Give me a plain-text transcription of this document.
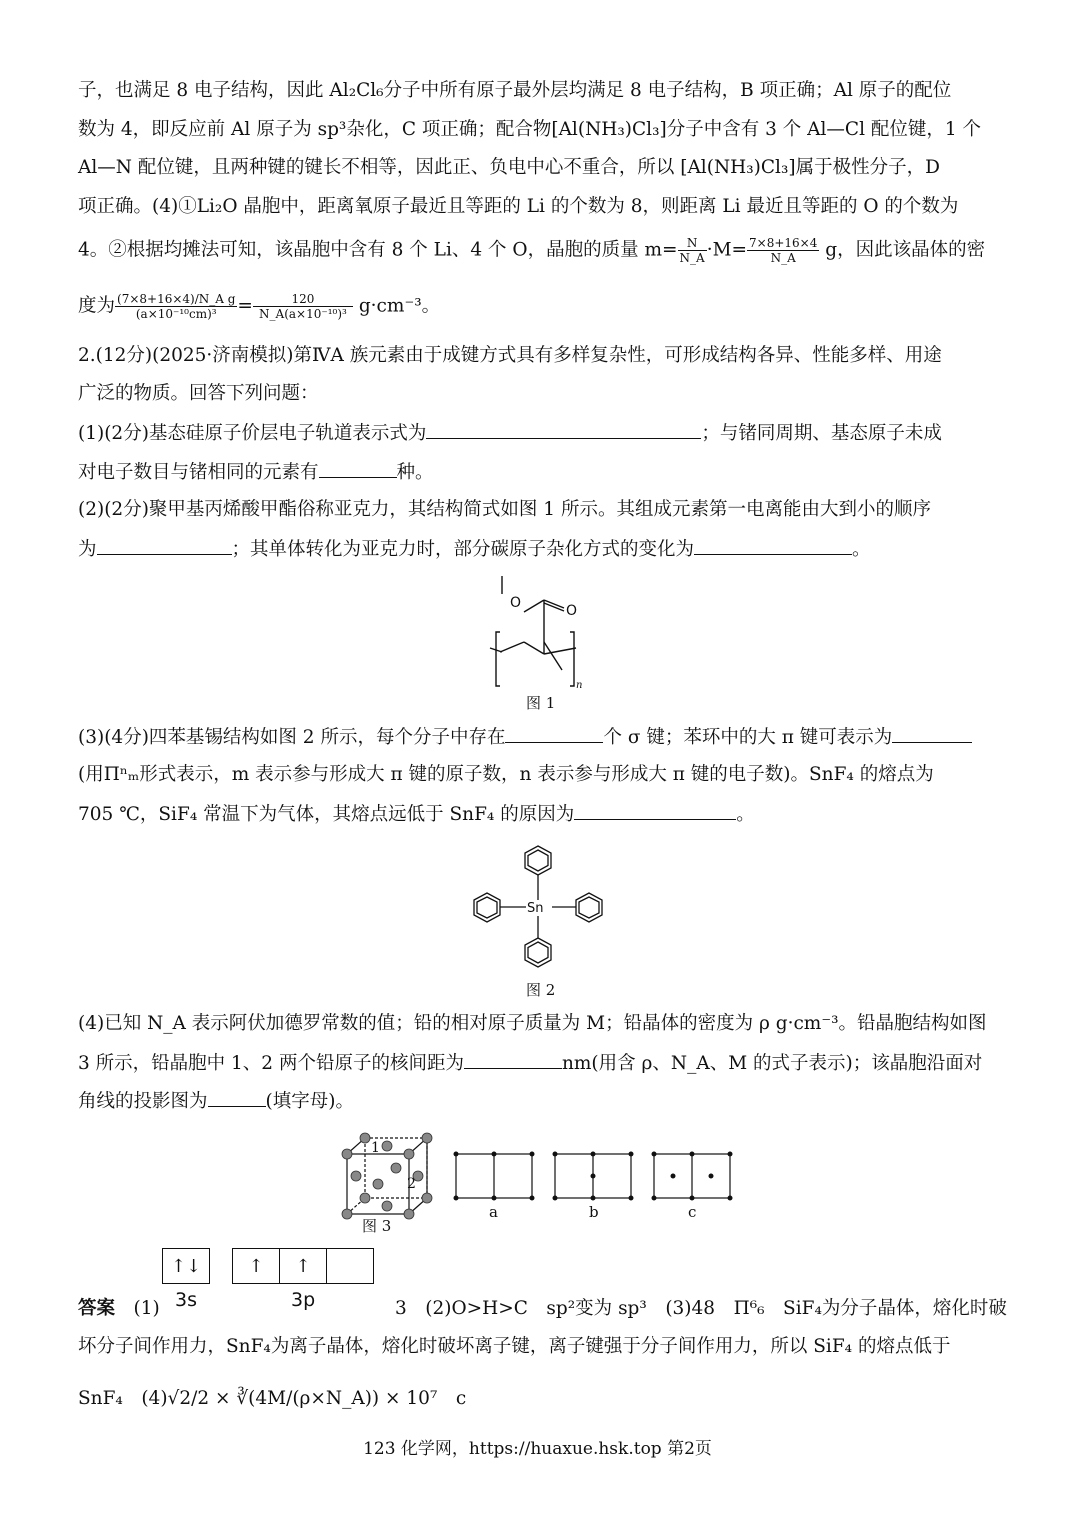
子，也满足 8 电子结构，因此 Al₂Cl₆分子中所有原子最外层均满足 8 电子结构，B 项正确；Al 原子的配位
数为 4，即反应前 Al 原子为 sp³杂化，C 项正确；配合物[Al(NH₃)Cl₃]分子中含有 3 个 Al—Cl 配位键，1 个
Al—N 配位键，且两种键的键长不相等，因此正、负电中心不重合，所以 [Al(NH₃)Cl₃]属于极性分子，D
项正确。(4)①Li₂O 晶胞中，距离氧原子最近且等距的 Li 的个数为 8，则距离 Li 最近且等距的 O 的个数为
4。②根据均摊法可知，该晶胞中含有 8 个 Li、4 个 O，晶胞的质量 $m= \frac{N}{N\_A} \cdot M= \frac{7\times 8+16\times 4}{N\_A}$ g，因此该晶体的密
度为 $\frac{\text{(7×8+16×4)/N\_A g}}{\text{(a×10⁻¹⁰cm)³}} = \frac{120}{\text{N\_A(a×10⁻¹⁰)³}} g\cdot cm^{-3}$。
2.(12分)(2025·济南模拟)第ⅣA 族元素由于成键方式具有多样复杂性，可形成结构各异、性能多样、用途
广泛的物质。回答下列问题：
(1)(2分)基态硅原子价层电子轨道表示式为	；与锗同周期、基态原子未成
对电子数目与锗相同的元素有	种。
(2)(2分)聚甲基丙烯酸甲酯俗称亚克力，其结构简式如图 1 所示。其组成元素第一电离能由大到小的顺序
为	；其单体转化为亚克力时，部分碳原子杂化方式的变化为	。
O	O
n
图 1
(3)(4分)四苯基锡结构如图 2 所示，每个分子中存在	个 σ 键；苯环中的大 π 键可表示为
(用Πⁿₘ形式表示，m 表示参与形成大 π 键的原子数，n 表示参与形成大 π 键的电子数)。SnF₄ 的熔点为
705 ℃，SiF₄ 常温下为气体，其熔点远低于 SnF₄ 的原因为	。
Sn
图 2
(4)已知 N_A 表示阿伏加德罗常数的值；铅的相对原子质量为 M；铅晶体的密度为 ρ g·cm⁻³。铅晶胞结构如图
3 所示，铅晶胞中 1、2 两个铅原子的核间距为	nm(用含 ρ、N_A、M 的式子表示)；该晶胞沿面对
角线的投影图为	(填字母)。
1
2
图 3
a	b	c
↑↓	↑	↑
答案　 (1) 3s	3p	3　(2)O>H>C　sp²变为 sp³　(3)48　Π⁶₆　SiF₄为分子晶体，熔化时破
坏分子间作用力，SnF₄为离子晶体，熔化时破坏离子键，离子键强于分子间作用力，所以 SiF₄ 的熔点低于
SnF₄　(4)√2/2 × ∛(4M/(ρ×N_A)) × 10⁷　 c
123 化学网，https://huaxue.hsk.top 第2页
